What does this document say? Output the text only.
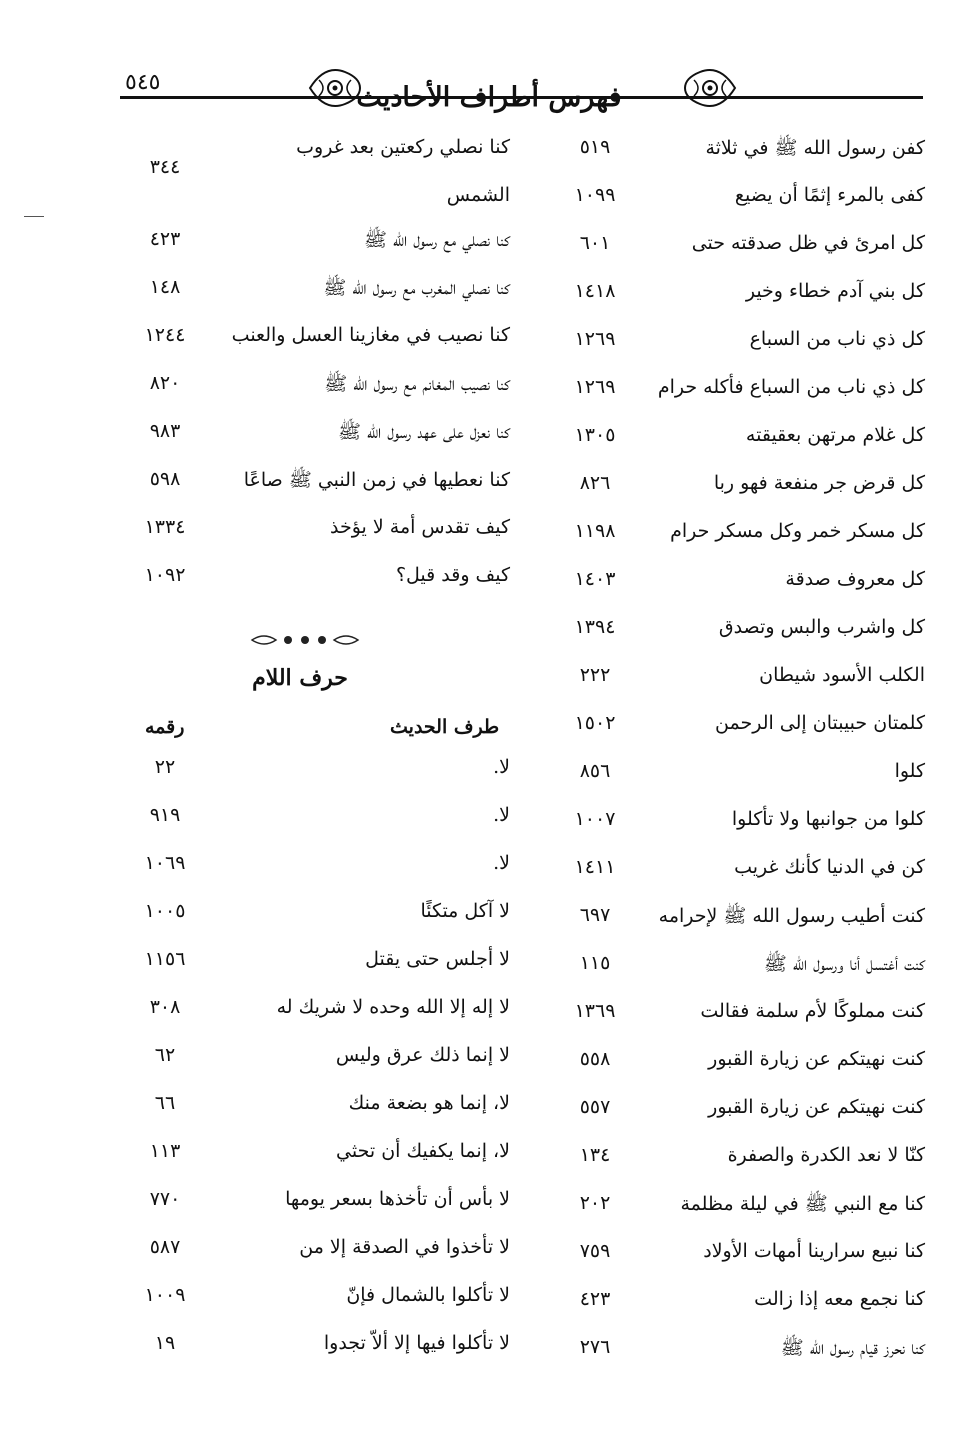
٥٤٥	فهرس أطراف الأحاديث
كفن رسول الله ﷺ في ثلاثة
٥١٩
كفى بالمرء إثمًا أن يضيع
١٠٩٩
كل امرئ في ظل صدقته حتى
٦٠١
كل بني آدم خطاء وخير
١٤١٨
كل ذي ناب من السباع
١٢٦٩
كل ذي ناب من السباع فأكله حرام
١٢٦٩
كل غلام مرتهن بعقيقته
١٣٠٥
كل قرض جر منفعة فهو ربا
٨٢٦
كل مسكر خمر وكل مسكر حرام
١١٩٨
كل معروف صدقة
١٤٠٣
كل واشرب والبس وتصدق
١٣٩٤
الكلب الأسود شيطان
٢٢٢
كلمتان حبيبتان إلى الرحمن
١٥٠٢
كلوا
٨٥٦
كلوا من جوانبها ولا تأكلوا
١٠٠٧
كن في الدنيا كأنك غريب
١٤١١
كنت أطيب رسول الله ﷺ لإحرامه
٦٩٧
كنت أغتسل أنا ورسول الله ﷺ
١١٥
كنت مملوكًا لأم سلمة فقالت
١٣٦٩
كنت نهيتكم عن زيارة القبور
٥٥٨
كنت نهيتكم عن زيارة القبور
٥٥٧
كنّا لا نعد الكدرة والصفرة
١٣٤
كنا مع النبي ﷺ في ليلة مظلمة
٢٠٢
كنا نبيع سرارينا أمهات الأولاد
٧٥٩
كنا نجمع معه إذا زالت
٤٢٣
كنا نحرز قيام رسول الله ﷺ
٢٧٦
كنا نصلي ركعتين بعد غروب
الشمس
٣٤٤
كنا نصلي مع رسول الله ﷺ
٤٢٣
كنا نصلي المغرب مع رسول الله ﷺ
١٤٨
كنا نصيب في مغازينا العسل والعنب
١٢٤٤
كنا نصيب المغانم مع رسول الله ﷺ
٨٢٠
كنا نعزل على عهد رسول الله ﷺ
٩٨٣
كنا نعطيها في زمن النبي ﷺ صاعًا
٥٩٨
كيف تقدس أمة لا يؤخذ
١٣٣٤
كيف وقد قيل؟
١٠٩٢
حرف اللام
طرف الحديث
رقمه
لا.
٢٢
لا.
٩١٩
لا.
١٠٦٩
لا آكل متكئًا
١٠٠٥
لا أجلس حتى يقتل
١١٥٦
لا إله إلا الله وحده لا شريك له
٣٠٨
لا إنما ذلك عرق وليس
٦٢
لا، إنما هو بضعة منك
٦٦
لا، إنما يكفيك أن تحثي
١١٣
لا بأس أن تأخذها بسعر يومها
٧٧٠
لا تأخذوا في الصدقة إلا من
٥٨٧
لا تأكلوا بالشمال فإنّ
١٠٠٩
لا تأكلوا فيها إلا ألاّ تجدوا
١٩
